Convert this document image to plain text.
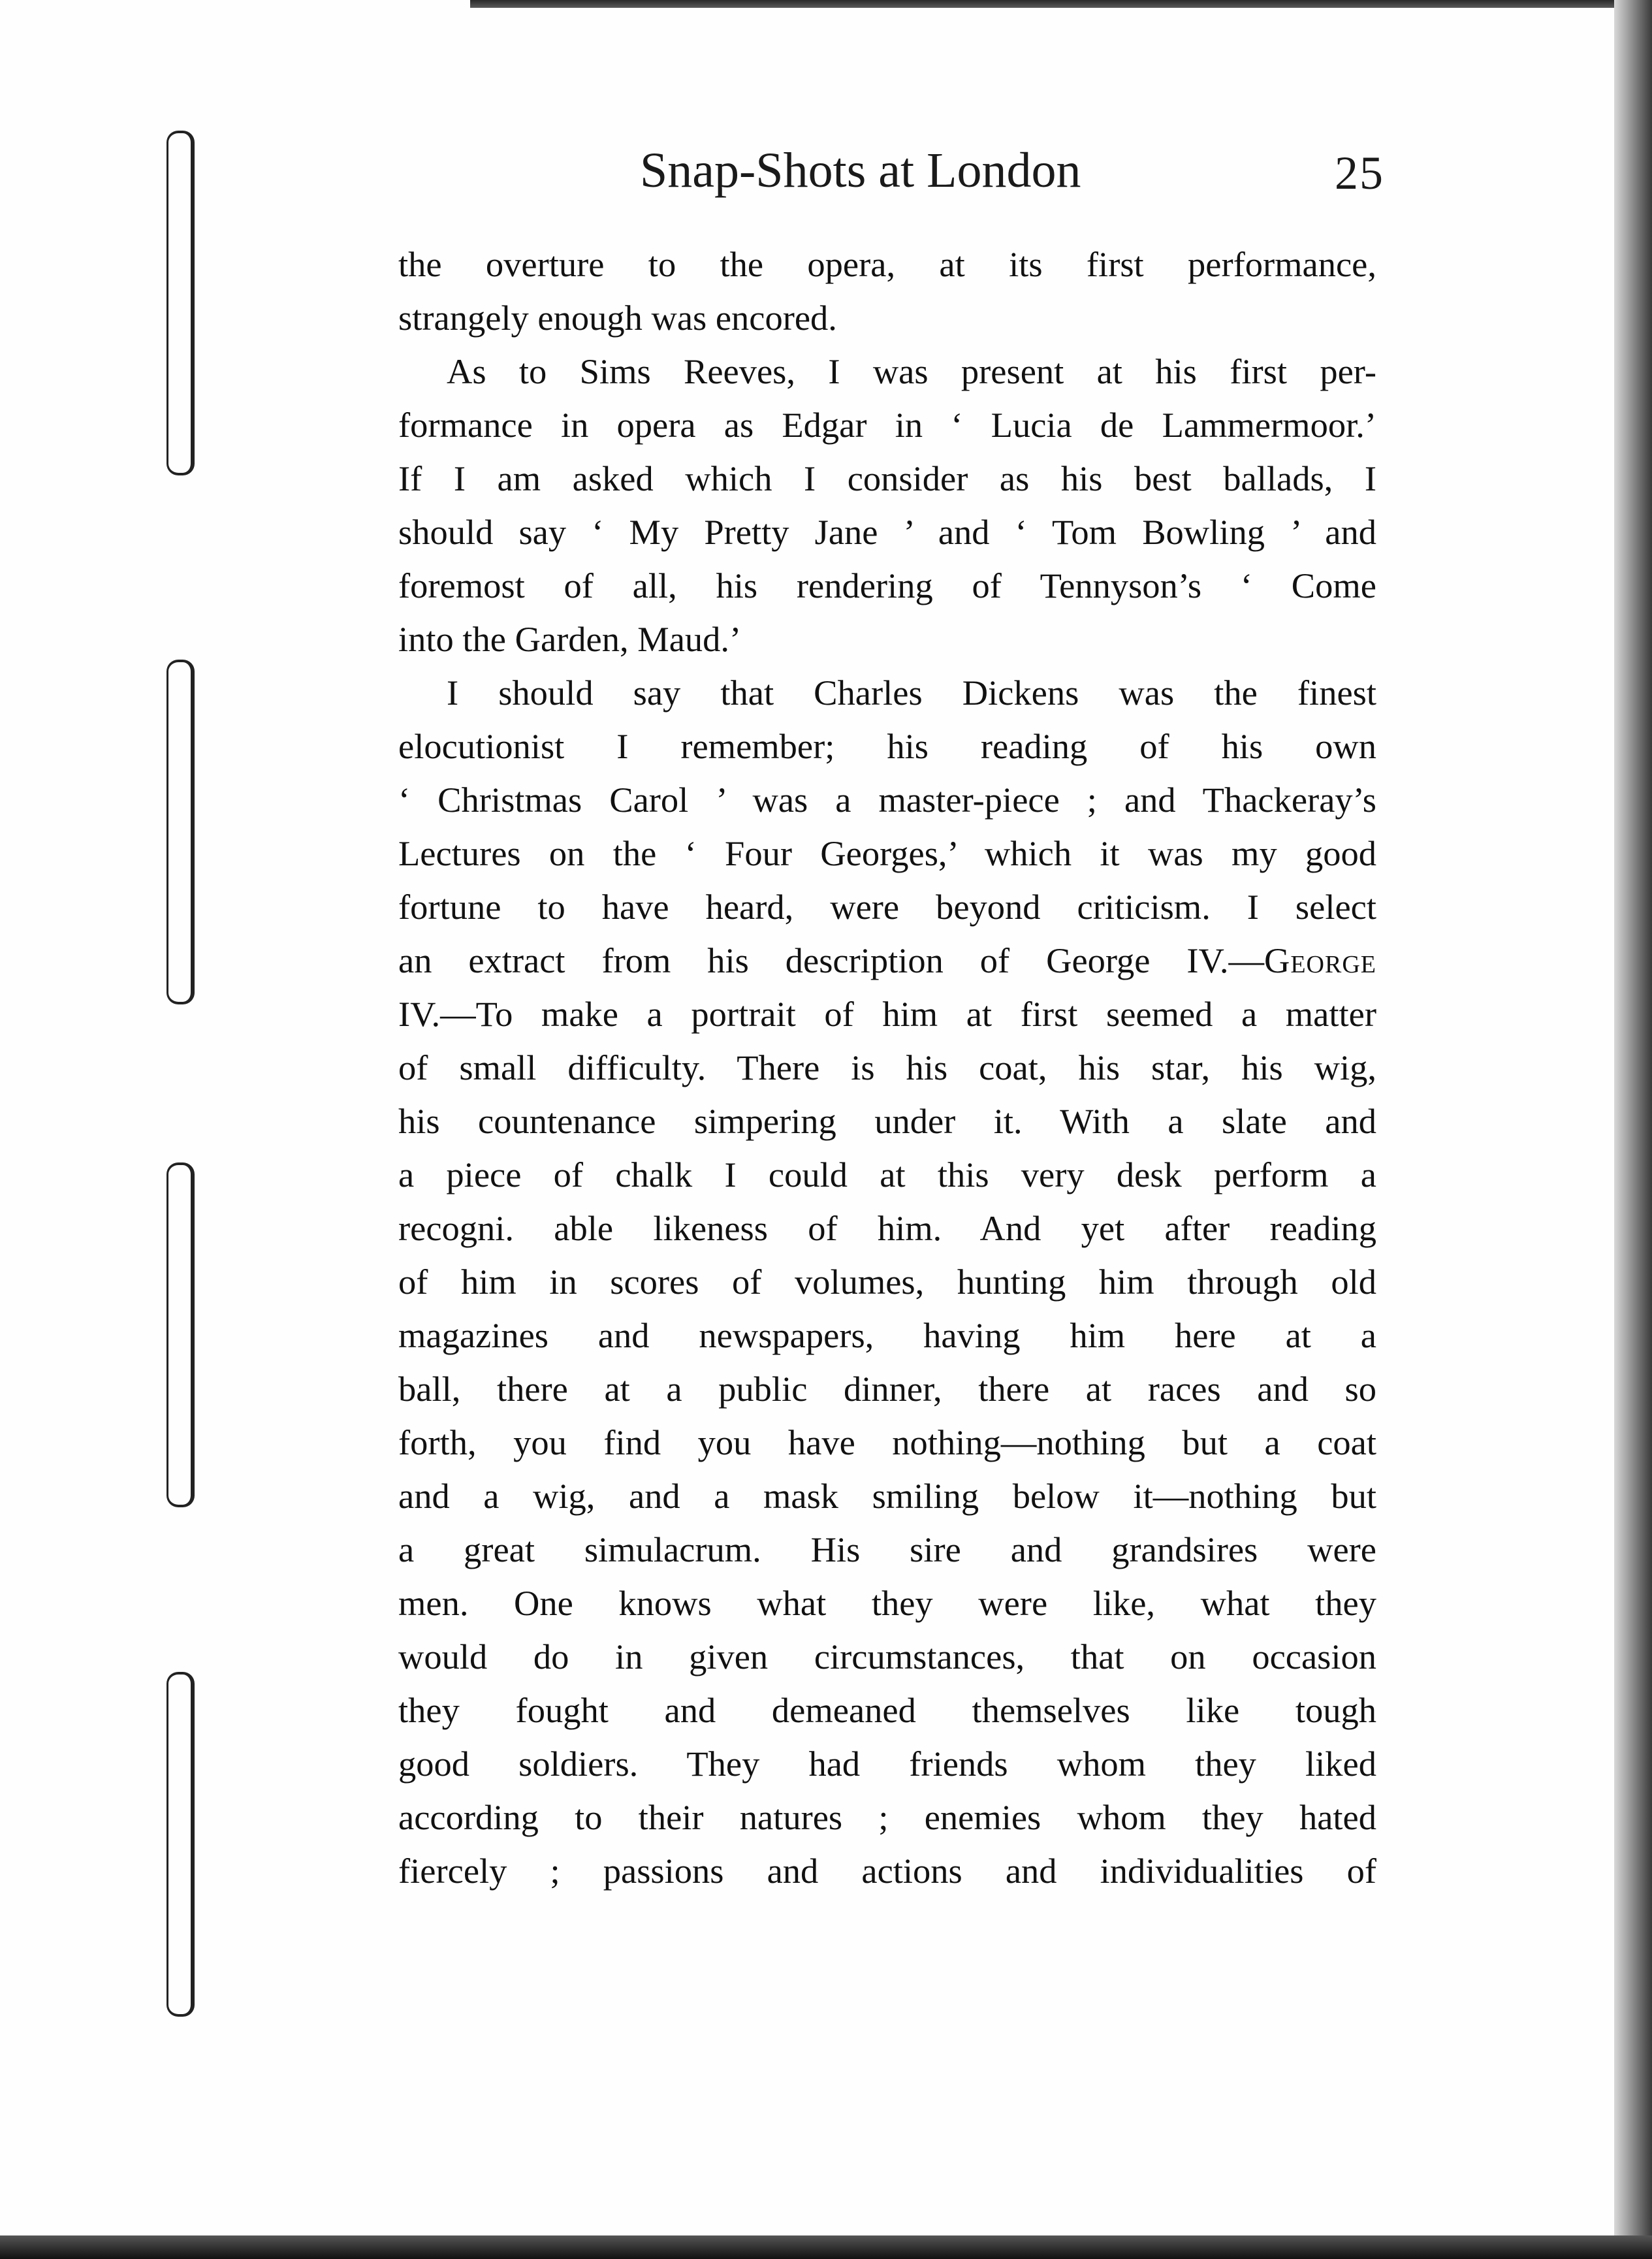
Snap-Shots at London	25
the overture to the opera, at its first performance,
strangely enough was encored.
As to Sims Reeves, I was present at his first per-
formance in opera as Edgar in ‘ Lucia de Lammermoor.’
If I am asked which I consider as his best ballads, I
should say ‘ My Pretty Jane ’ and ‘ Tom Bowling ’ and
foremost of all, his rendering of Tennyson’s ‘ Come
into the Garden, Maud.’
I should say that Charles Dickens was the finest
elocutionist I remember; his reading of his own
‘ Christmas Carol ’ was a master-piece ; and Thackeray’s
Lectures on the ‘ Four Georges,’ which it was my good
fortune to have heard, were beyond criticism. I select
an extract from his description of George IV.—George
IV.—To make a portrait of him at first seemed a matter
of small difficulty. There is his coat, his star, his wig,
his countenance simpering under it. With a slate and
a piece of chalk I could at this very desk perform a
recogni. able likeness of him. And yet after reading
of him in scores of volumes, hunting him through old
magazines and newspapers, having him here at a
ball, there at a public dinner, there at races and so
forth, you find you have nothing—nothing but a coat
and a wig, and a mask smiling below it—nothing but
a great simulacrum. His sire and grandsires were
men. One knows what they were like, what they
would do in given circumstances, that on occasion
they fought and demeaned themselves like tough
good soldiers. They had friends whom they liked
according to their natures ; enemies whom they hated
fiercely ; passions and actions and individualities of
